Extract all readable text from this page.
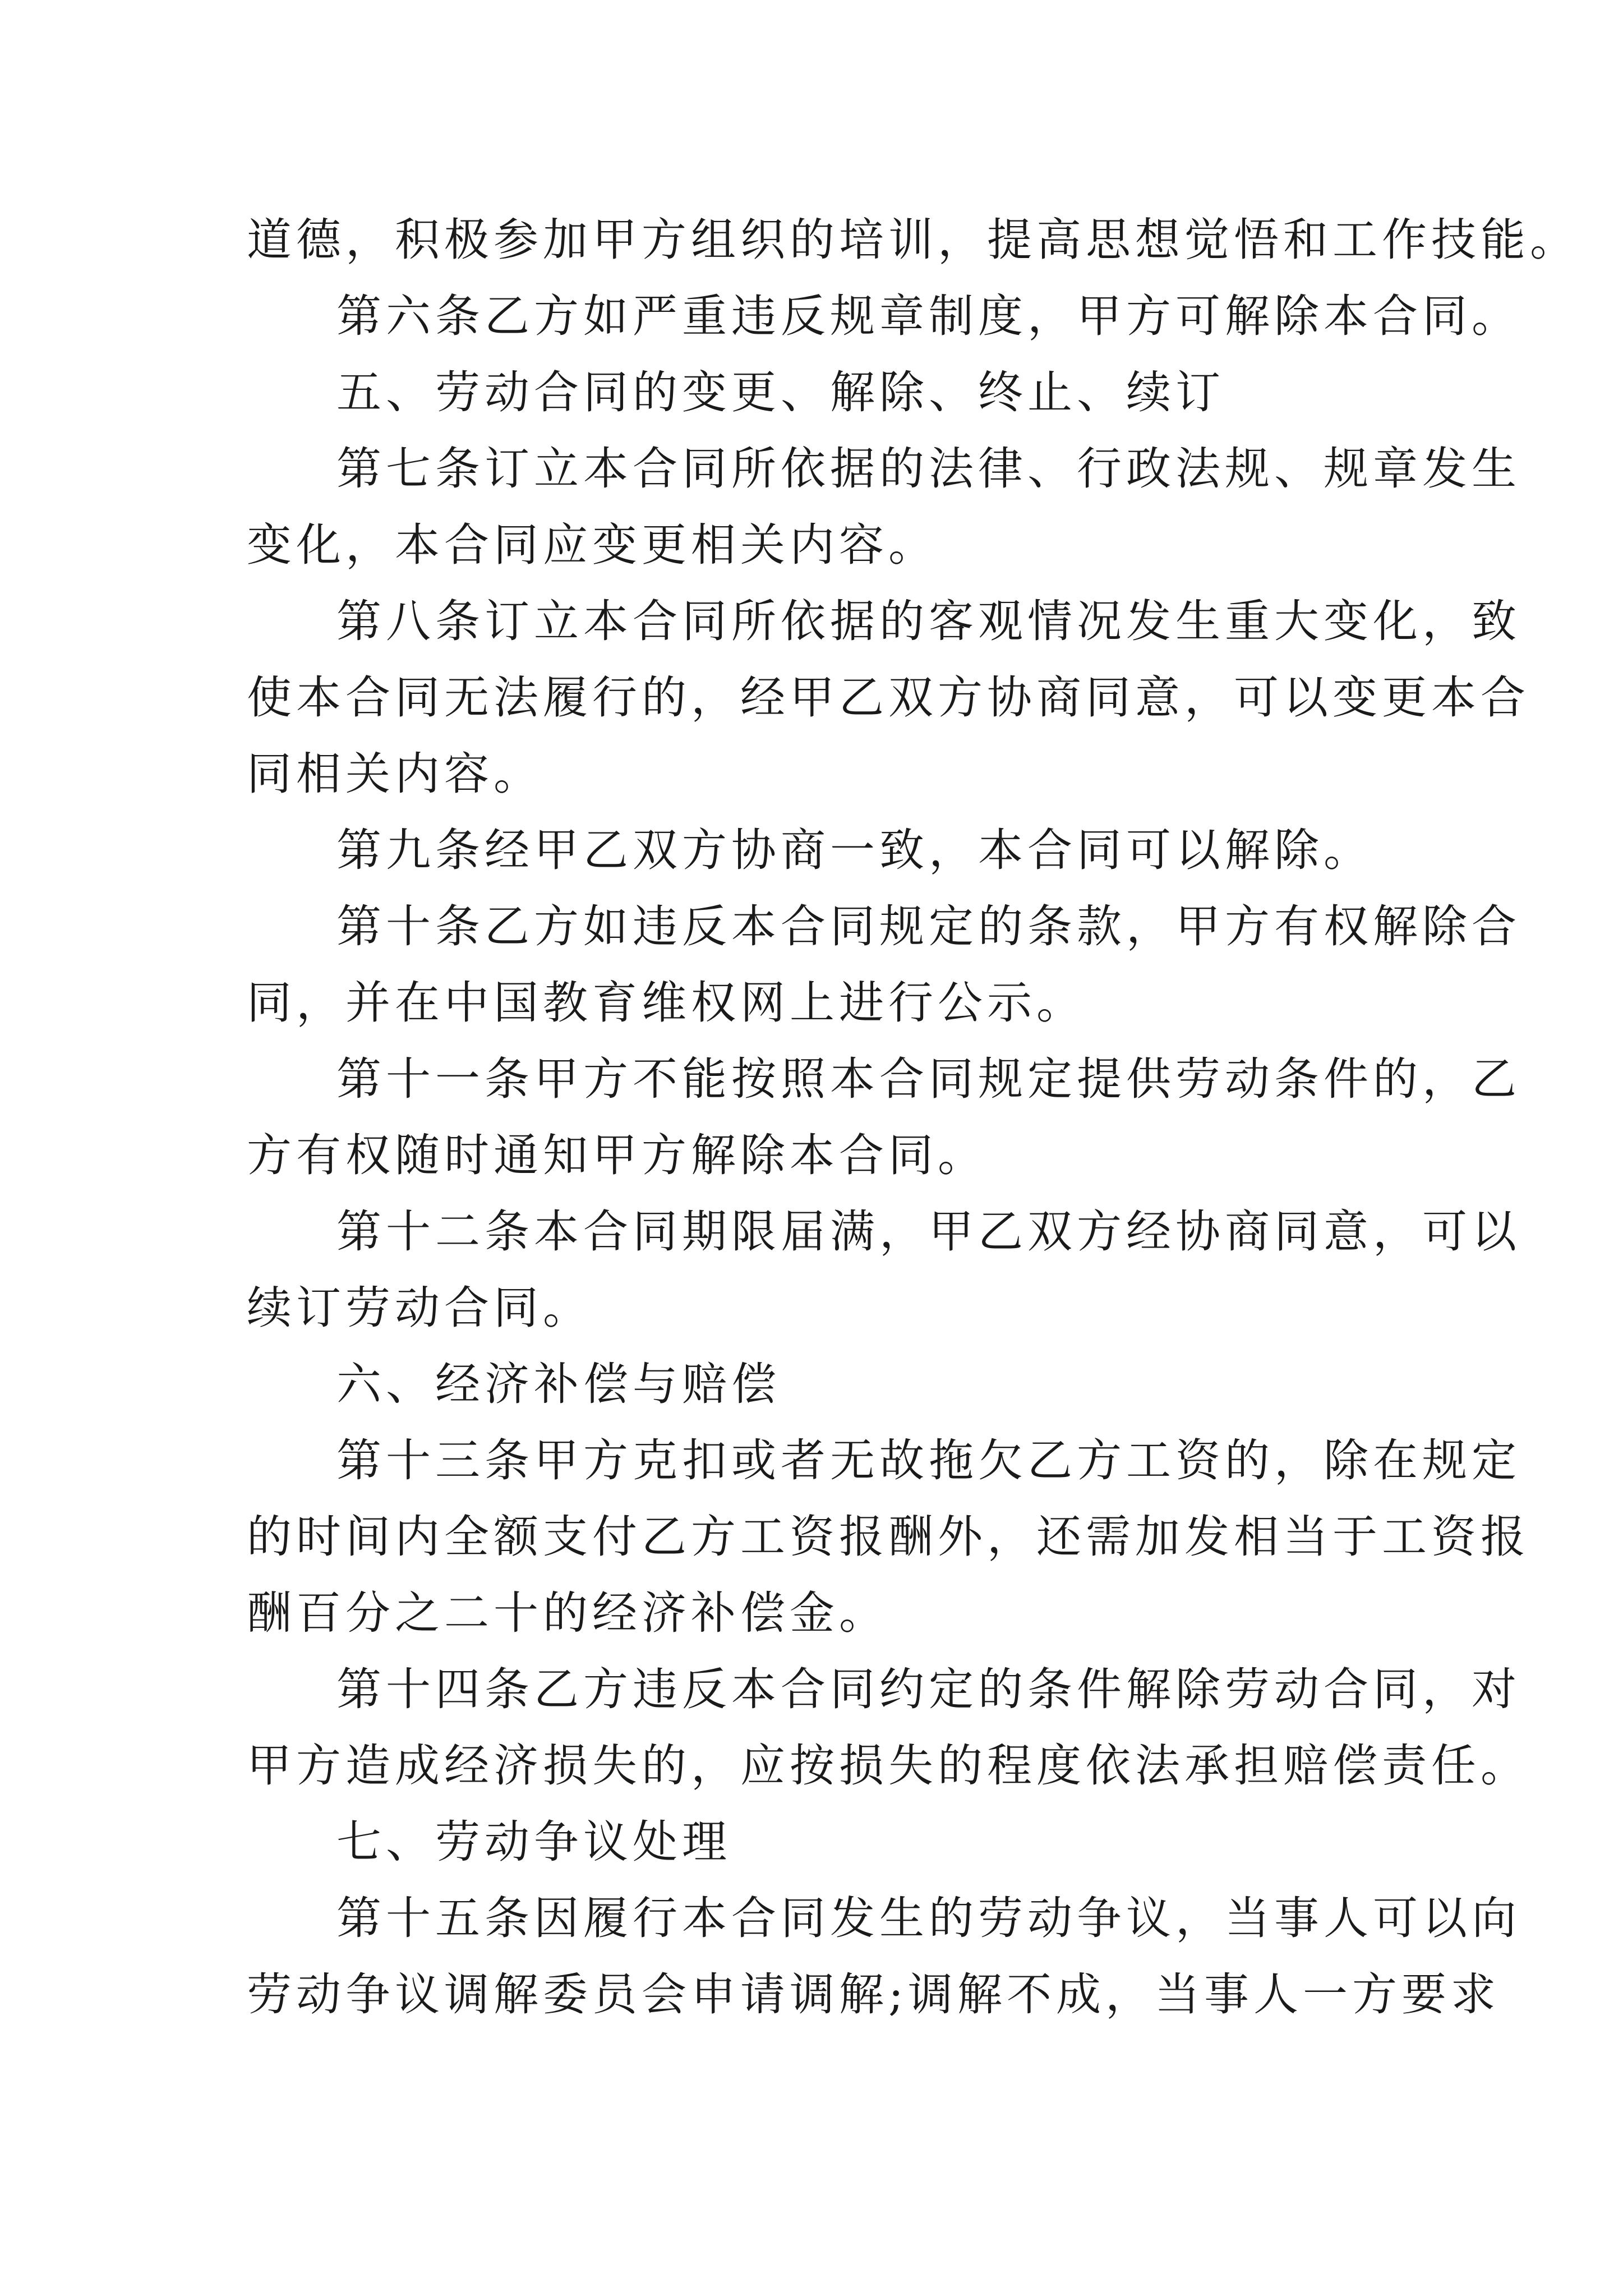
道德，积极参加甲方组织的培训，提高思想觉悟和工作技能。
第六条乙方如严重违反规章制度，甲方可解除本合同。
五、劳动合同的变更、解除、终止、续订
第七条订立本合同所依据的法律、行政法规、规章发生
变化，本合同应变更相关内容。
第八条订立本合同所依据的客观情况发生重大变化，致
使本合同无法履行的，经甲乙双方协商同意，可以变更本合
同相关内容。
第九条经甲乙双方协商一致，本合同可以解除。
第十条乙方如违反本合同规定的条款，甲方有权解除合
同，并在中国教育维权网上进行公示。
第十一条甲方不能按照本合同规定提供劳动条件的，乙
方有权随时通知甲方解除本合同。
第十二条本合同期限届满，甲乙双方经协商同意，可以
续订劳动合同。
六、经济补偿与赔偿
第十三条甲方克扣或者无故拖欠乙方工资的，除在规定
的时间内全额支付乙方工资报酬外，还需加发相当于工资报
酬百分之二十的经济补偿金。
第十四条乙方违反本合同约定的条件解除劳动合同，对
甲方造成经济损失的，应按损失的程度依法承担赔偿责任。
七、劳动争议处理
第十五条因履行本合同发生的劳动争议，当事人可以向
劳动争议调解委员会申请调解;调解不成，当事人一方要求
